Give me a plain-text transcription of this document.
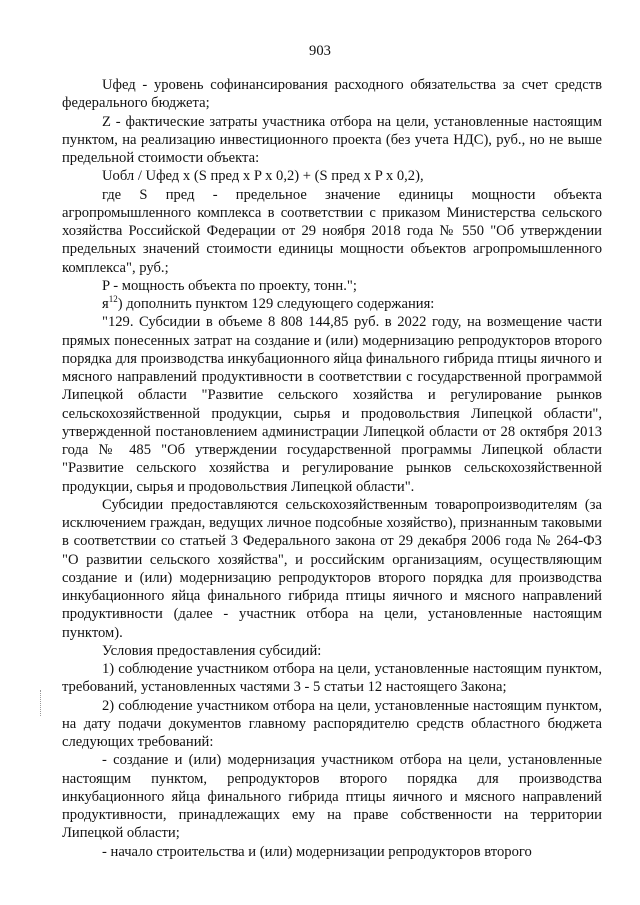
903

Uфед - уровень софинансирования расходного обязательства за счет средств федерального бюджета;

Z - фактические затраты участника отбора на цели, установленные настоящим пунктом, на реализацию инвестиционного проекта (без учета НДС), руб., но не выше предельной стоимости объекта:

Uобл / Uфед x (S пред x P x 0,2) + (S пред x P x 0,2),

где S пред - предельное значение единицы мощности объекта агропромышленного комплекса в соответствии с приказом Министерства сельского хозяйства Российской Федерации от 29 ноября 2018 года № 550 "Об утверждении предельных значений стоимости единицы мощности объектов агропромышленного комплекса", руб.;

P - мощность объекта по проекту, тонн.";

$я^{12}$) дополнить пунктом 129 следующего содержания:

"129. Субсидии в объеме 8 808 144,85 руб. в 2022 году, на возмещение части прямых понесенных затрат на создание и (или) модернизацию репродукторов второго порядка для производства инкубационного яйца финального гибрида птицы яичного и мясного направлений продуктивности в соответствии с государственной программой Липецкой области "Развитие сельского хозяйства и регулирование рынков сельскохозяйственной продукции, сырья и продовольствия Липецкой области", утвержденной постановлением администрации Липецкой области от 28 октября 2013 года № 485 "Об утверждении государственной программы Липецкой области "Развитие сельского хозяйства и регулирование рынков сельскохозяйственной продукции, сырья и продовольствия Липецкой области".

Субсидии предоставляются сельскохозяйственным товаропроизводителям (за исключением граждан, ведущих личное подсобные хозяйство), признанным таковыми в соответствии со статьей 3 Федерального закона от 29 декабря 2006 года № 264-ФЗ "О развитии сельского хозяйства", и российским организациям, осуществляющим создание и (или) модернизацию репродукторов второго порядка для производства инкубационного яйца финального гибрида птицы яичного и мясного направлений продуктивности (далее - участник отбора на цели, установленные настоящим пунктом).

Условия предоставления субсидий:

1) соблюдение участником отбора на цели, установленные настоящим пунктом, требований, установленных частями 3 - 5 статьи 12 настоящего Закона;

2) соблюдение участником отбора на цели, установленные настоящим пунктом, на дату подачи документов главному распорядителю средств областного бюджета следующих требований:

- создание и (или) модернизация участником отбора на цели, установленные настоящим пунктом, репродукторов второго порядка для производства инкубационного яйца финального гибрида птицы яичного и мясного направлений продуктивности, принадлежащих ему на праве собственности на территории Липецкой области;

- начало строительства и (или) модернизации репродукторов второго
